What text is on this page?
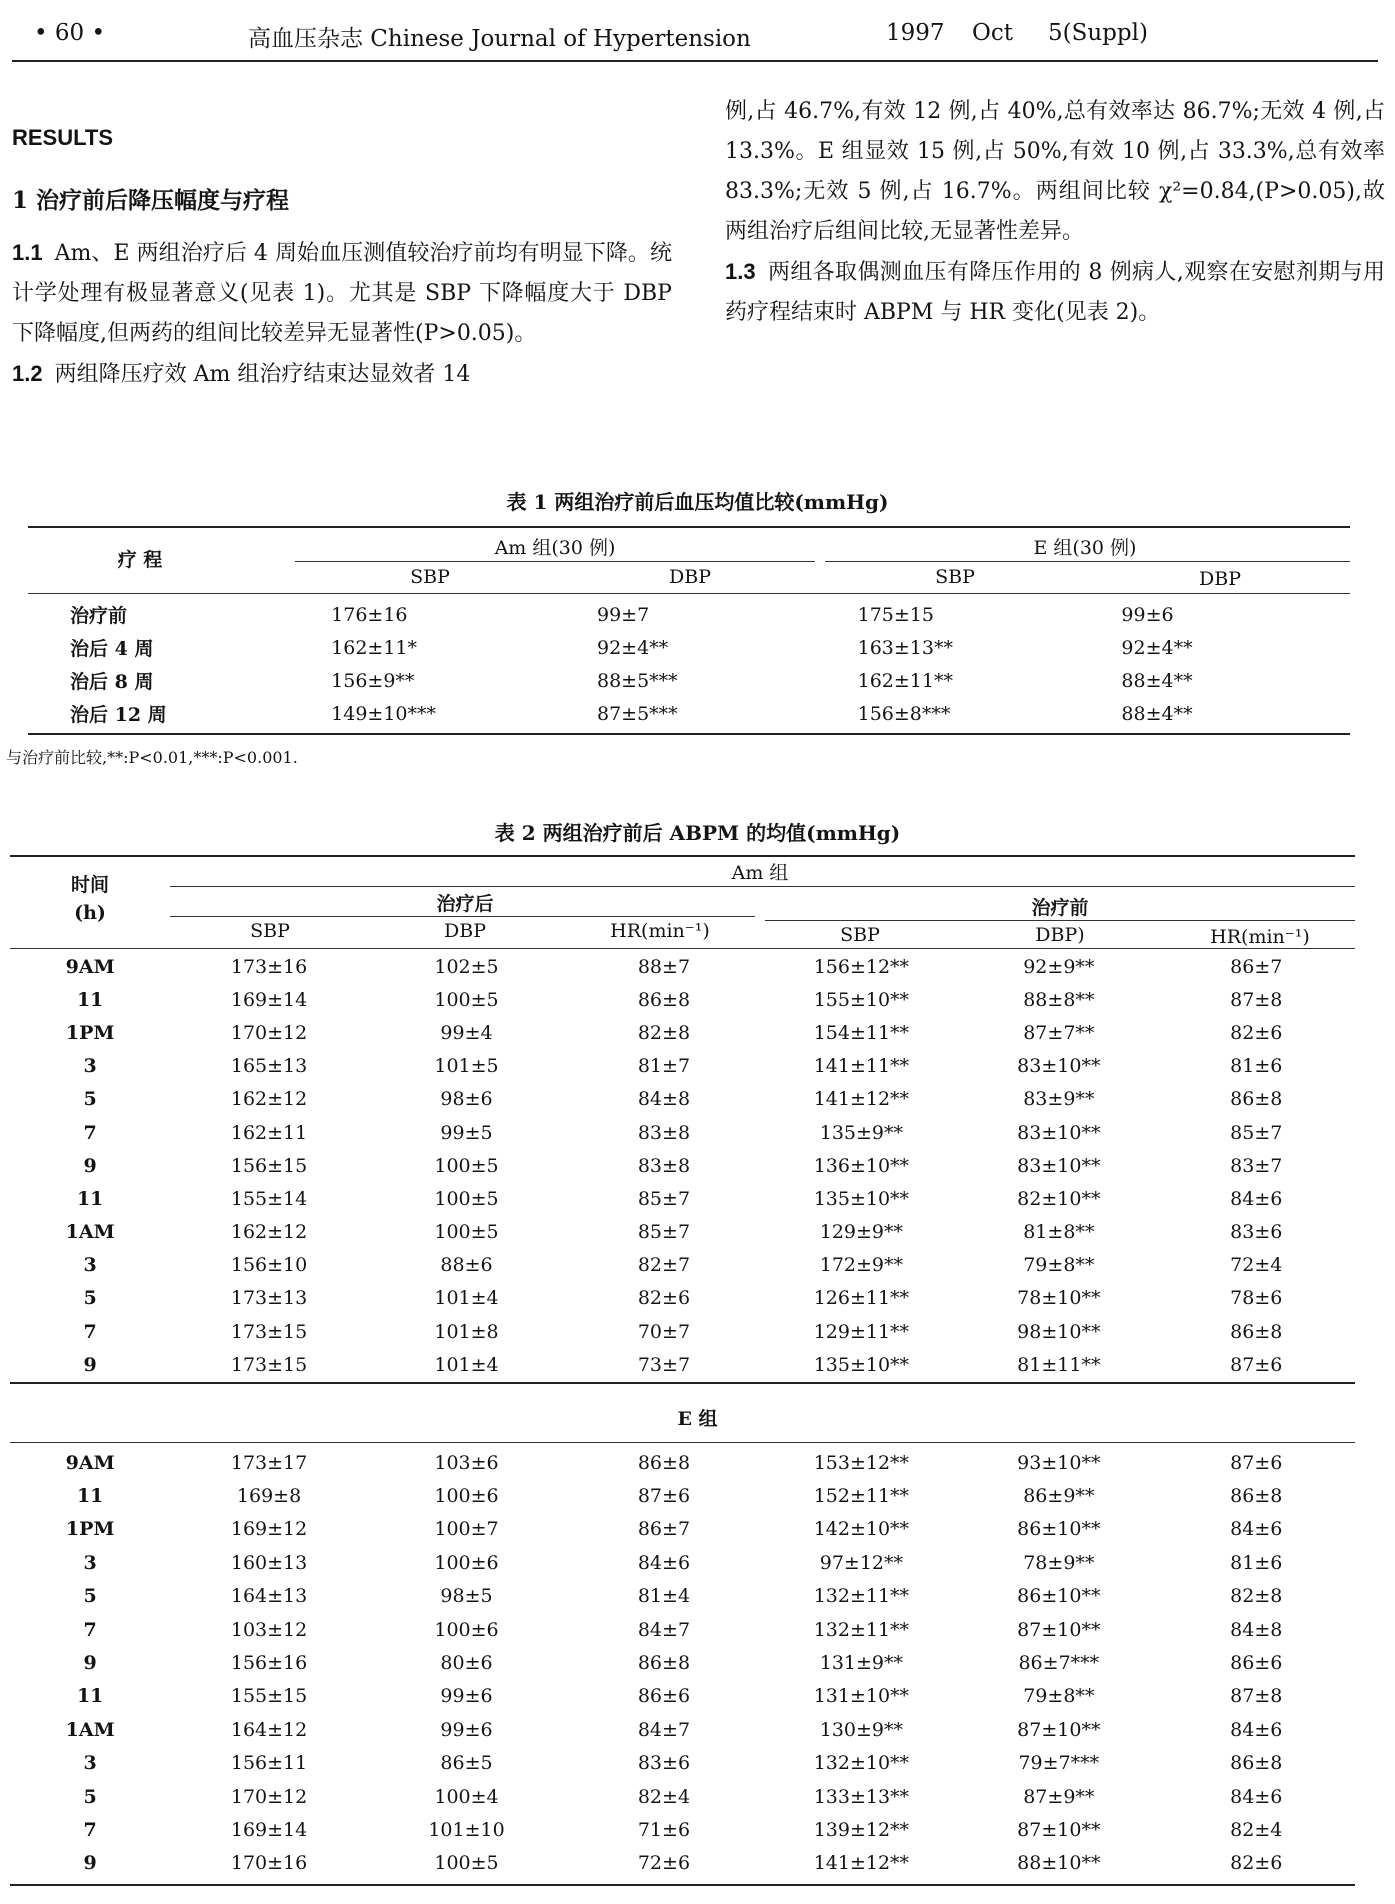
• 60 •	高血压杂志 Chinese Journal of Hypertension	1997 Oct 5(Suppl)
RESULTS
1 治疗前后降压幅度与疗程

1.1 Am、E 两组治疗后 4 周始血压测值较治疗前均有明显下降。统计学处理有极显著意义(见表 1)。尤其是 SBP 下降幅度大于 DBP 下降幅度,但两药的组间比较差异无显著性(P>0.05)。

1.2 两组降压疗效 Am 组治疗结束达显效者 14

例,占 46.7%,有效 12 例,占 40%,总有效率达 86.7%;无效 4 例,占 13.3%。E 组显效 15 例,占 50%,有效 10 例,占 33.3%,总有效率 83.3%;无效 5 例,占 16.7%。两组间比较 χ²=0.84,(P>0.05),故两组治疗后组间比较,无显著性差异。

1.3 两组各取偶测血压有降压作用的 8 例病人,观察在安慰剂期与用药疗程结束时 ABPM 与 HR 变化(见表 2)。

表 1 两组治疗前后血压均值比较(mmHg)
疗 程
Am 组(30 例)	E 组(30 例)
SBP	DBP	SBP	DBP
治疗前	176±16	99±7	175±15	99±6
治后 4 周	162±11*	92±4**	163±13**	92±4**
治后 8 周	156±9**	88±5***	162±11**	88±4**
治后 12 周	149±10***	87±5***	156±8***	88±4**
与治疗前比较,**:P<0.01,***:P<0.001.
表 2 两组治疗前后 ABPM 的均值(mmHg)
时间
(h)
Am 组
治疗后	治疗前
SBP	DBP	HR(min⁻¹)	SBP	DBP)	HR(min⁻¹)
9AM	173±16	102±5	88±7	156±12**	92±9**	86±7
11	169±14	100±5	86±8	155±10**	88±8**	87±8
1PM	170±12	99±4	82±8	154±11**	87±7**	82±6
3	165±13	101±5	81±7	141±11**	83±10**	81±6
5	162±12	98±6	84±8	141±12**	83±9**	86±8
7	162±11	99±5	83±8	135±9**	83±10**	85±7
9	156±15	100±5	83±8	136±10**	83±10**	83±7
11	155±14	100±5	85±7	135±10**	82±10**	84±6
1AM	162±12	100±5	85±7	129±9**	81±8**	83±6
3	156±10	88±6	82±7	172±9**	79±8**	72±4
5	173±13	101±4	82±6	126±11**	78±10**	78±6
7	173±15	101±8	70±7	129±11**	98±10**	86±8
9	173±15	101±4	73±7	135±10**	81±11**	87±6
E 组
9AM	173±17	103±6	86±8	153±12**	93±10**	87±6
11	169±8	100±6	87±6	152±11**	86±9**	86±8
1PM	169±12	100±7	86±7	142±10**	86±10**	84±6
3	160±13	100±6	84±6	97±12**	78±9**	81±6
5	164±13	98±5	81±4	132±11**	86±10**	82±8
7	103±12	100±6	84±7	132±11**	87±10**	84±8
9	156±16	80±6	86±8	131±9**	86±7***	86±6
11	155±15	99±6	86±6	131±10**	79±8**	87±8
1AM	164±12	99±6	84±7	130±9**	87±10**	84±6
3	156±11	86±5	83±6	132±10**	79±7***	86±8
5	170±12	100±4	82±4	133±13**	87±9**	84±6
7	169±14	101±10	71±6	139±12**	87±10**	82±4
9	170±16	100±5	72±6	141±12**	88±10**	82±6
